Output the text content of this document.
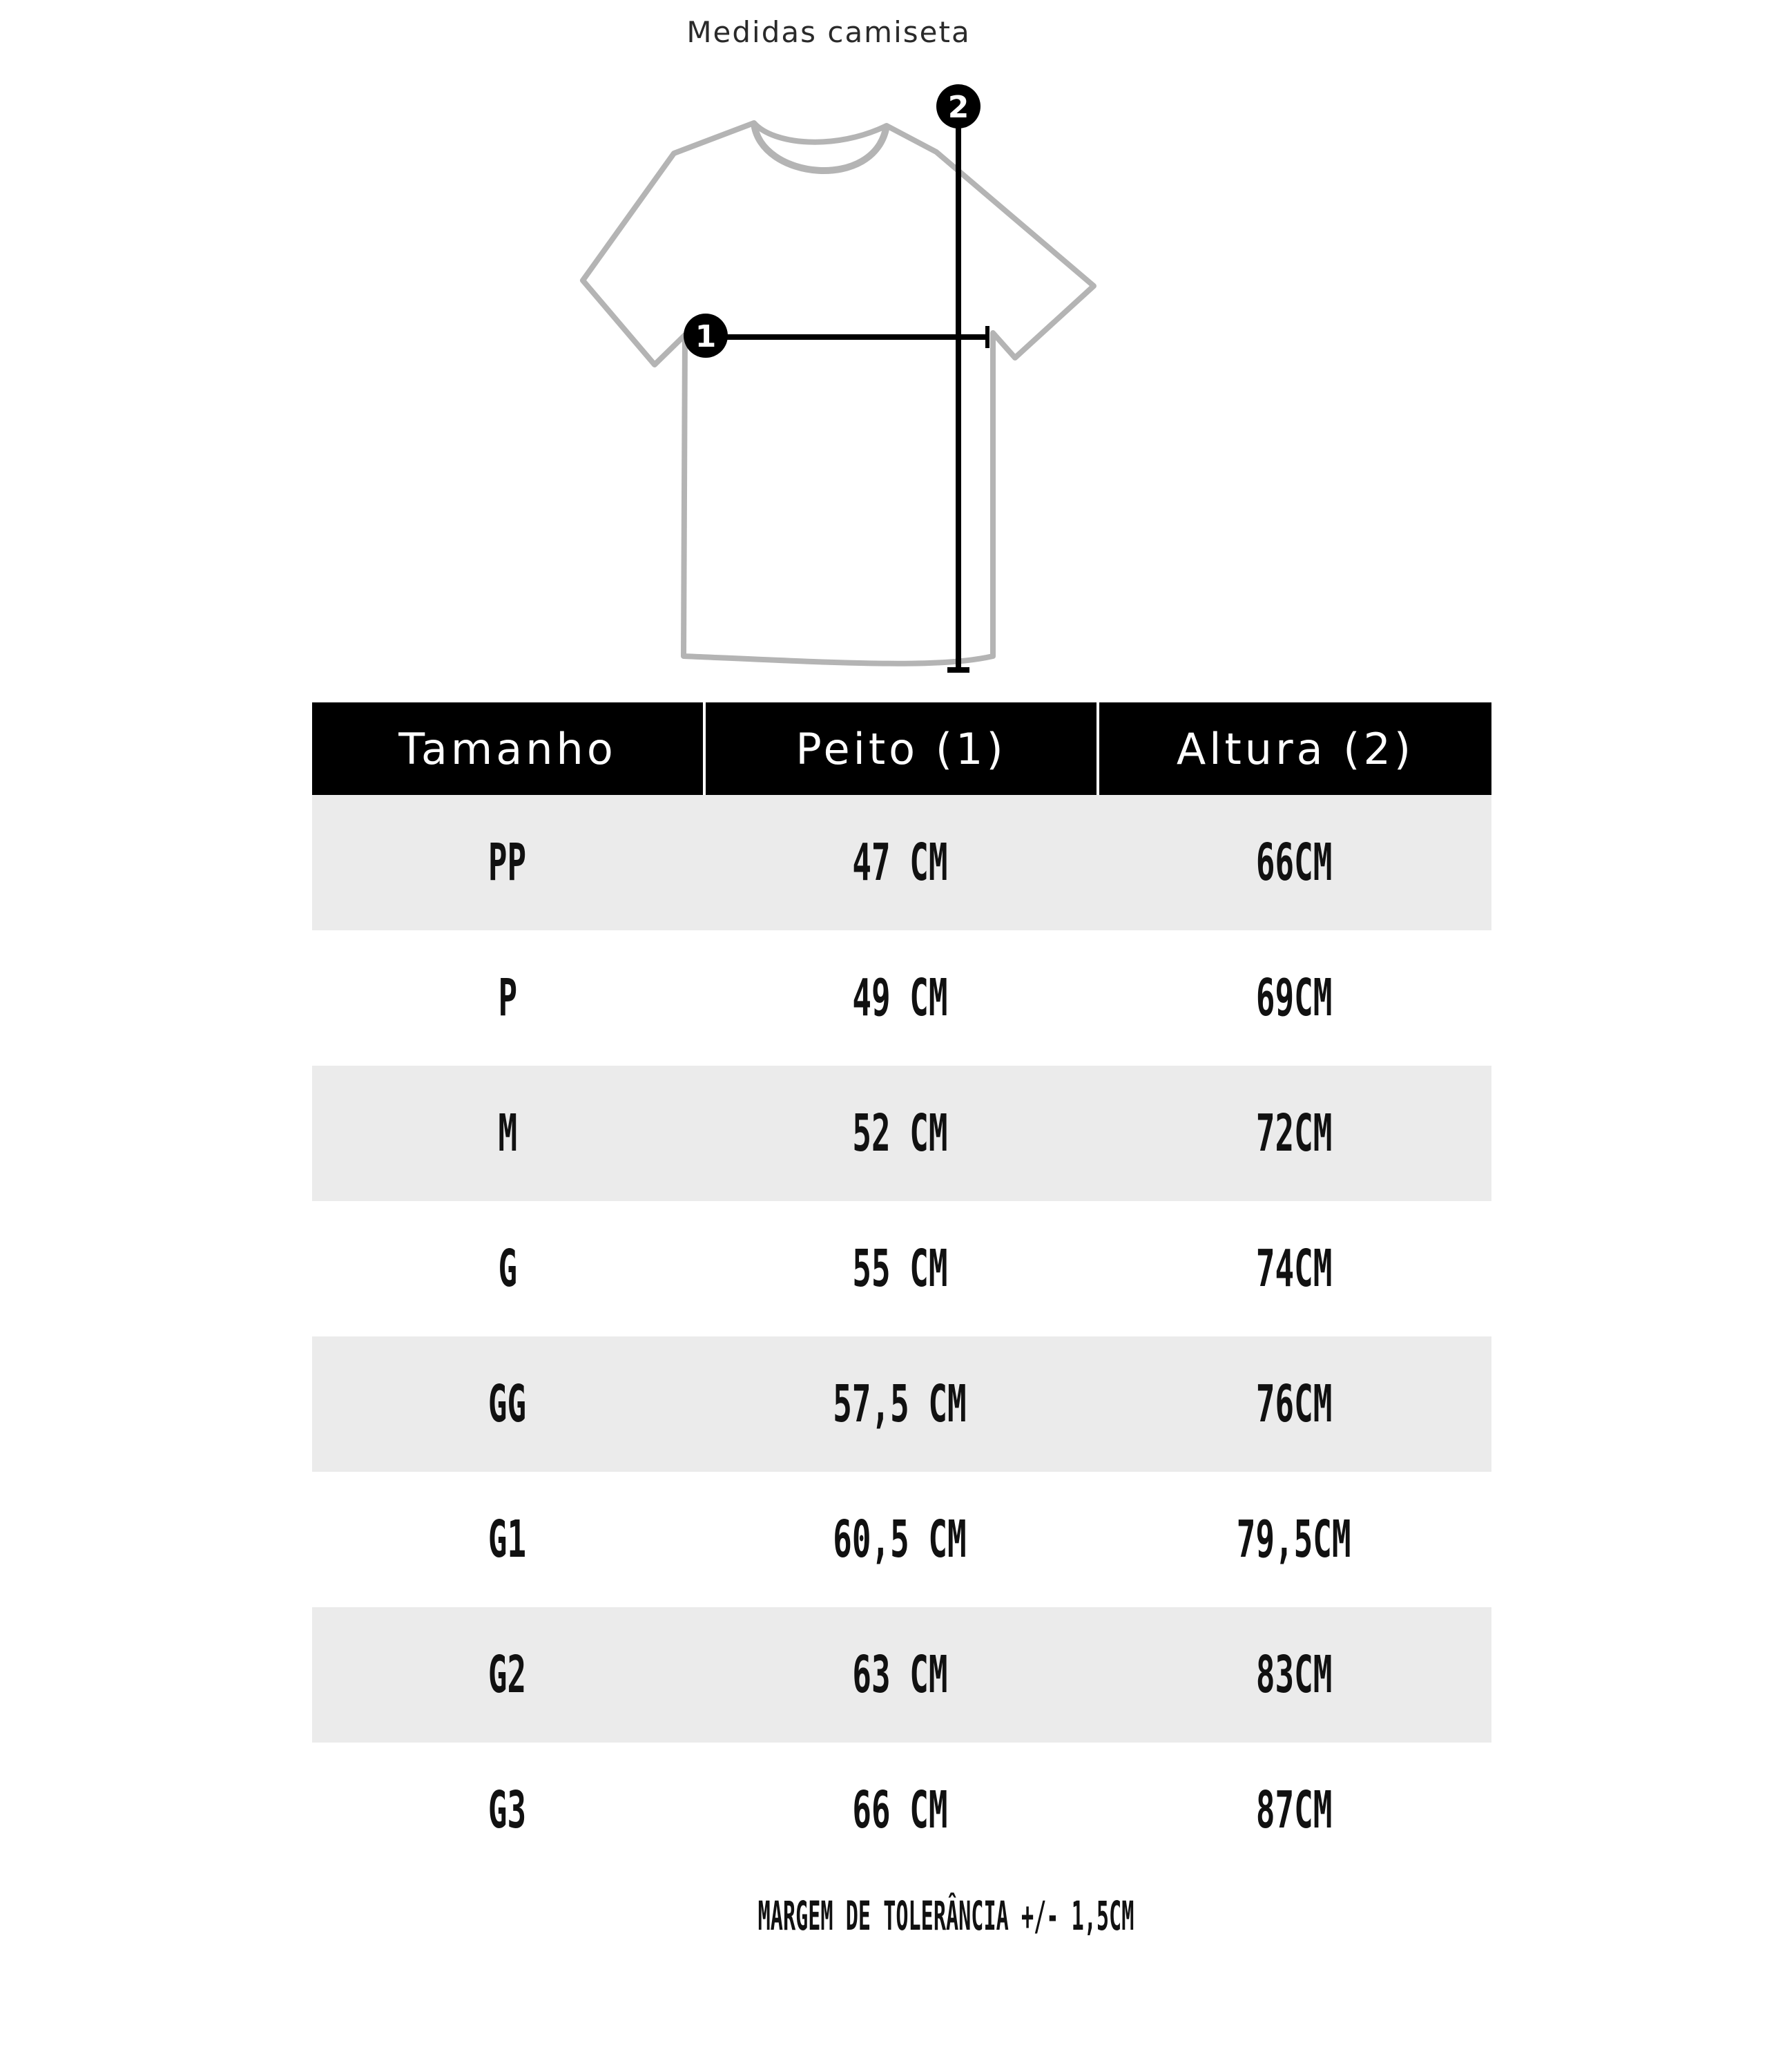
Medidas camiseta
1
2
Tamanho	Peito (1)	Altura (2)
PP	47 CM	66CM
P	49 CM	69CM
M	52 CM	72CM
G	55 CM	74CM
GG	57,5 CM	76CM
G1	60,5 CM	79,5CM
G2	63 CM	83CM
G3	66 CM	87CM
MARGEM DE TOLERÂNCIA +/- 1,5CM
